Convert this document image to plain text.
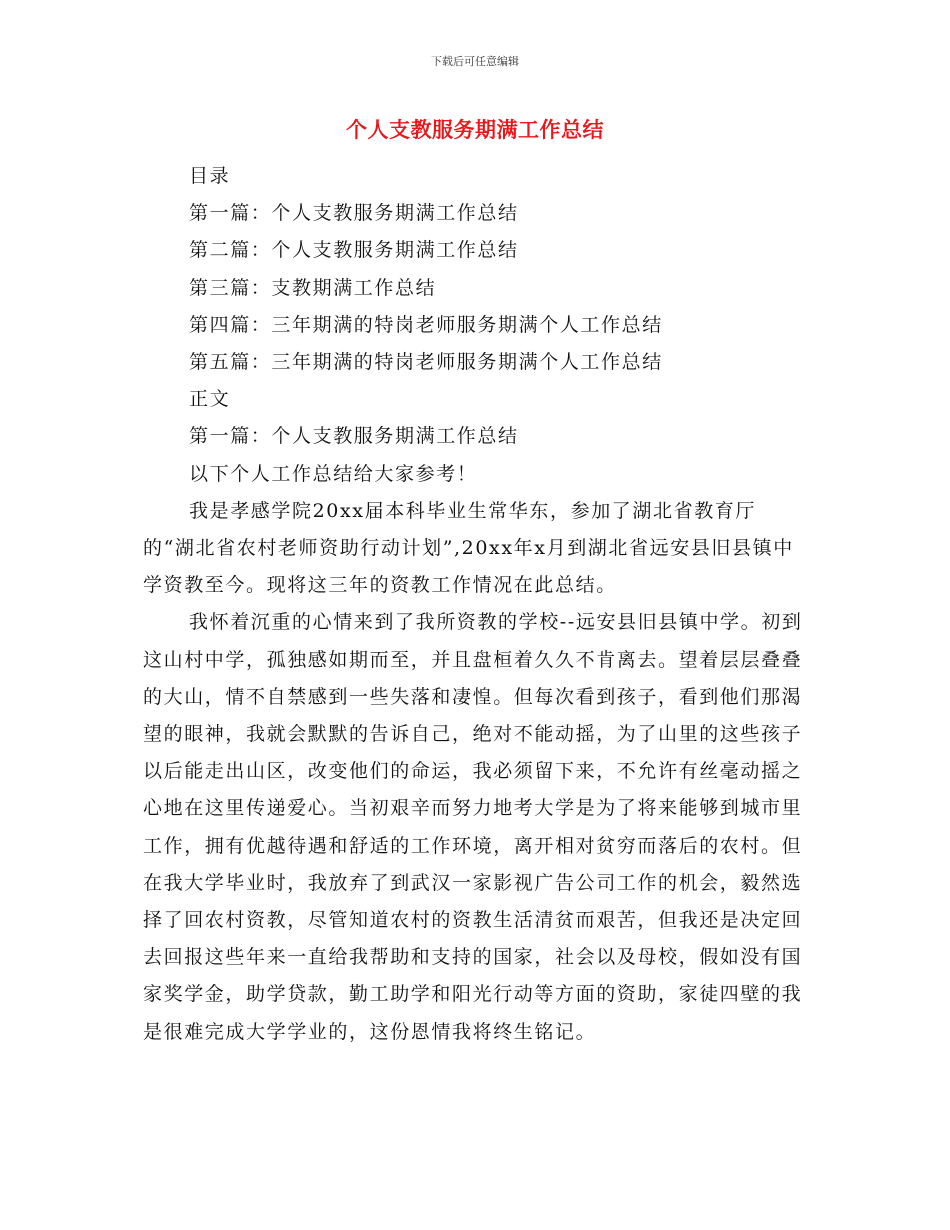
下载后可任意编辑
个人支教服务期满工作总结

目录

第一篇：个人支教服务期满工作总结

第二篇：个人支教服务期满工作总结

第三篇：支教期满工作总结

第四篇：三年期满的特岗老师服务期满个人工作总结

第五篇：三年期满的特岗老师服务期满个人工作总结

正文

第一篇：个人支教服务期满工作总结

以下个人工作总结给大家参考！

我是孝感学院20xx届本科毕业生常华东，参加了湖北省教育厅的“湖北省农村老师资助行动计划”,20xx年x月到湖北省远安县旧县镇中学资教至今。现将这三年的资教工作情况在此总结。

我怀着沉重的心情来到了我所资教的学校--远安县旧县镇中学。初到这山村中学，孤独感如期而至，并且盘桓着久久不肯离去。望着层层叠叠的大山，情不自禁感到一些失落和凄惶。但每次看到孩子，看到他们那渴望的眼神，我就会默默的告诉自己，绝对不能动摇，为了山里的这些孩子以后能走出山区，改变他们的命运，我必须留下来，不允许有丝毫动摇之心地在这里传递爱心。当初艰辛而努力地考大学是为了将来能够到城市里工作，拥有优越待遇和舒适的工作环境，离开相对贫穷而落后的农村。但在我大学毕业时，我放弃了到武汉一家影视广告公司工作的机会，毅然选择了回农村资教，尽管知道农村的资教生活清贫而艰苦，但我还是决定回去回报这些年来一直给我帮助和支持的国家，社会以及母校，假如没有国家奖学金，助学贷款，勤工助学和阳光行动等方面的资助，家徒四壁的我是很难完成大学学业的，这份恩情我将终生铭记。
